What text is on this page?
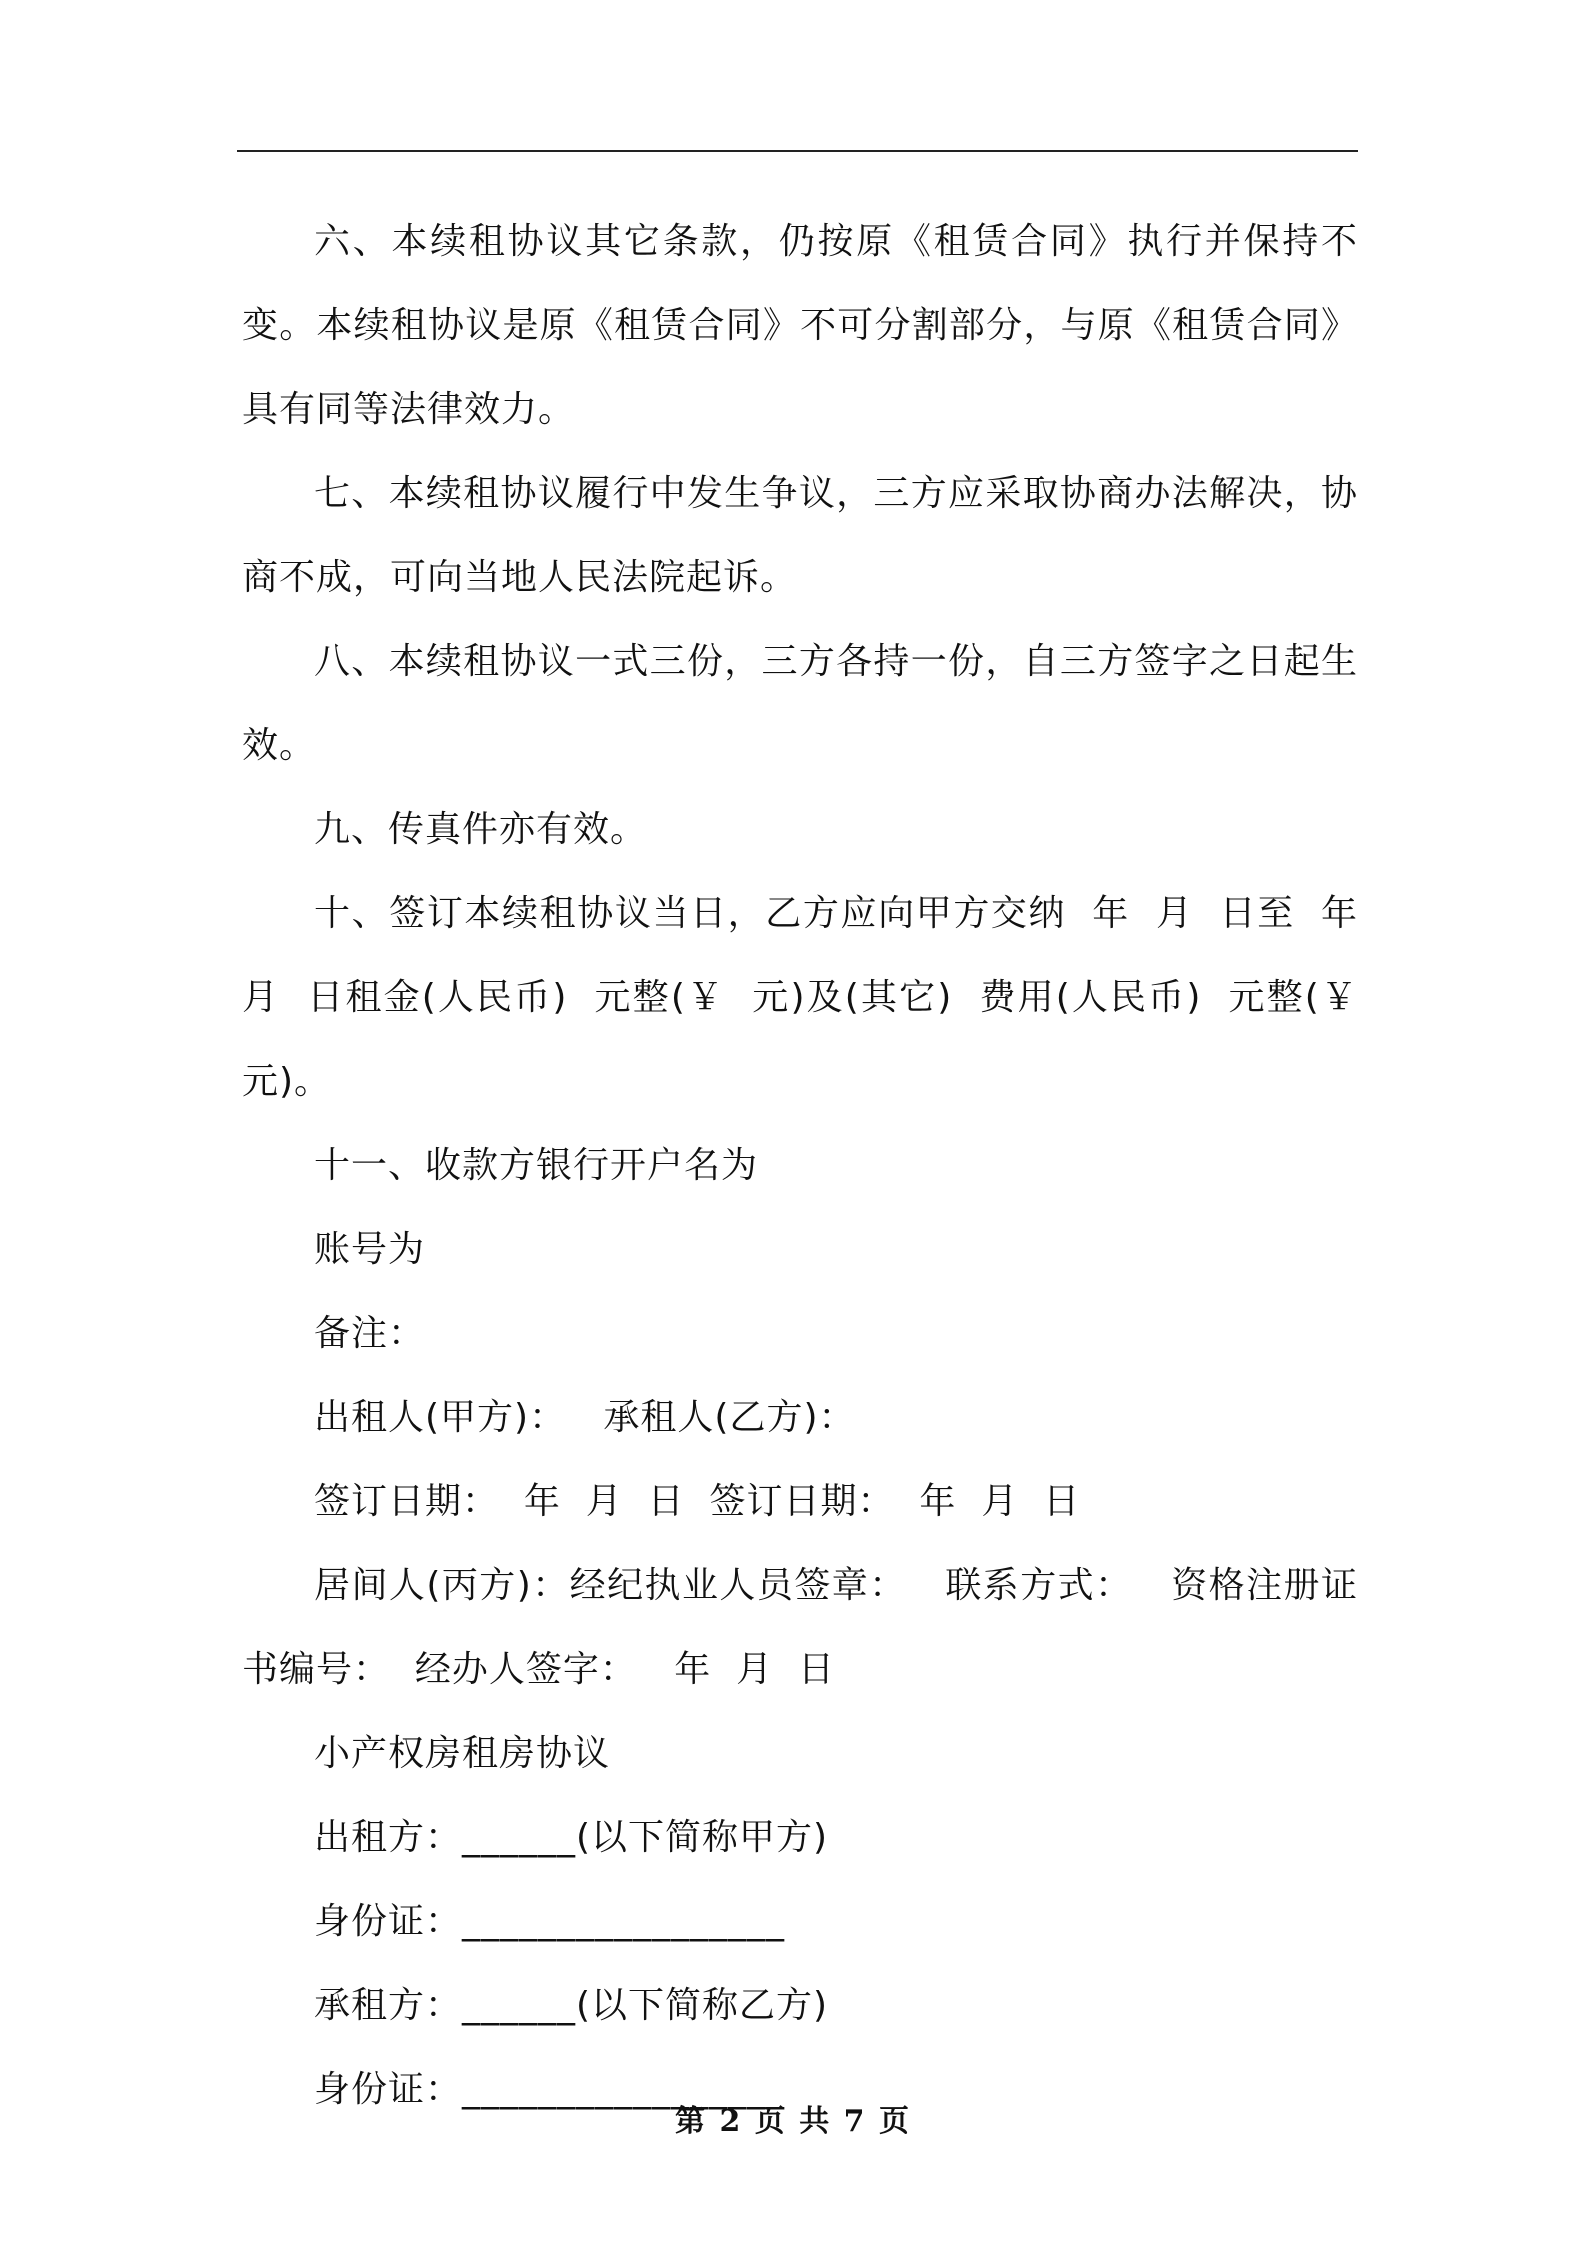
六、本续租协议其它条款，仍按原《租赁合同》执行并保持不变。本续租协议是原《租赁合同》不可分割部分，与原《租赁合同》具有同等法律效力。

七、本续租协议履行中发生争议，三方应采取协商办法解决，协商不成，可向当地人民法院起诉。

八、本续租协议一式三份，三方各持一份，自三方签字之日起生效。

九、传真件亦有效。

十、签订本续租协议当日，乙方应向甲方交纳  年  月  日至  年  月  日租金(人民币)  元整(￥  元)及(其它)  费用(人民币)  元整(￥  元)。

十一、收款方银行开户名为

账号为

备注：

出租人(甲方)：   承租人(乙方)：

签订日期：  年  月  日  签订日期：  年  月  日

居间人(丙方)：经纪执业人员签章：   联系方式：   资格注册证书编号：  经办人签字：   年  月  日

小产权房租房协议

出租方：______(以下简称甲方)

身份证：_________________

承租方：______(以下简称乙方)

身份证：_________________

第 2 页 共 7 页
